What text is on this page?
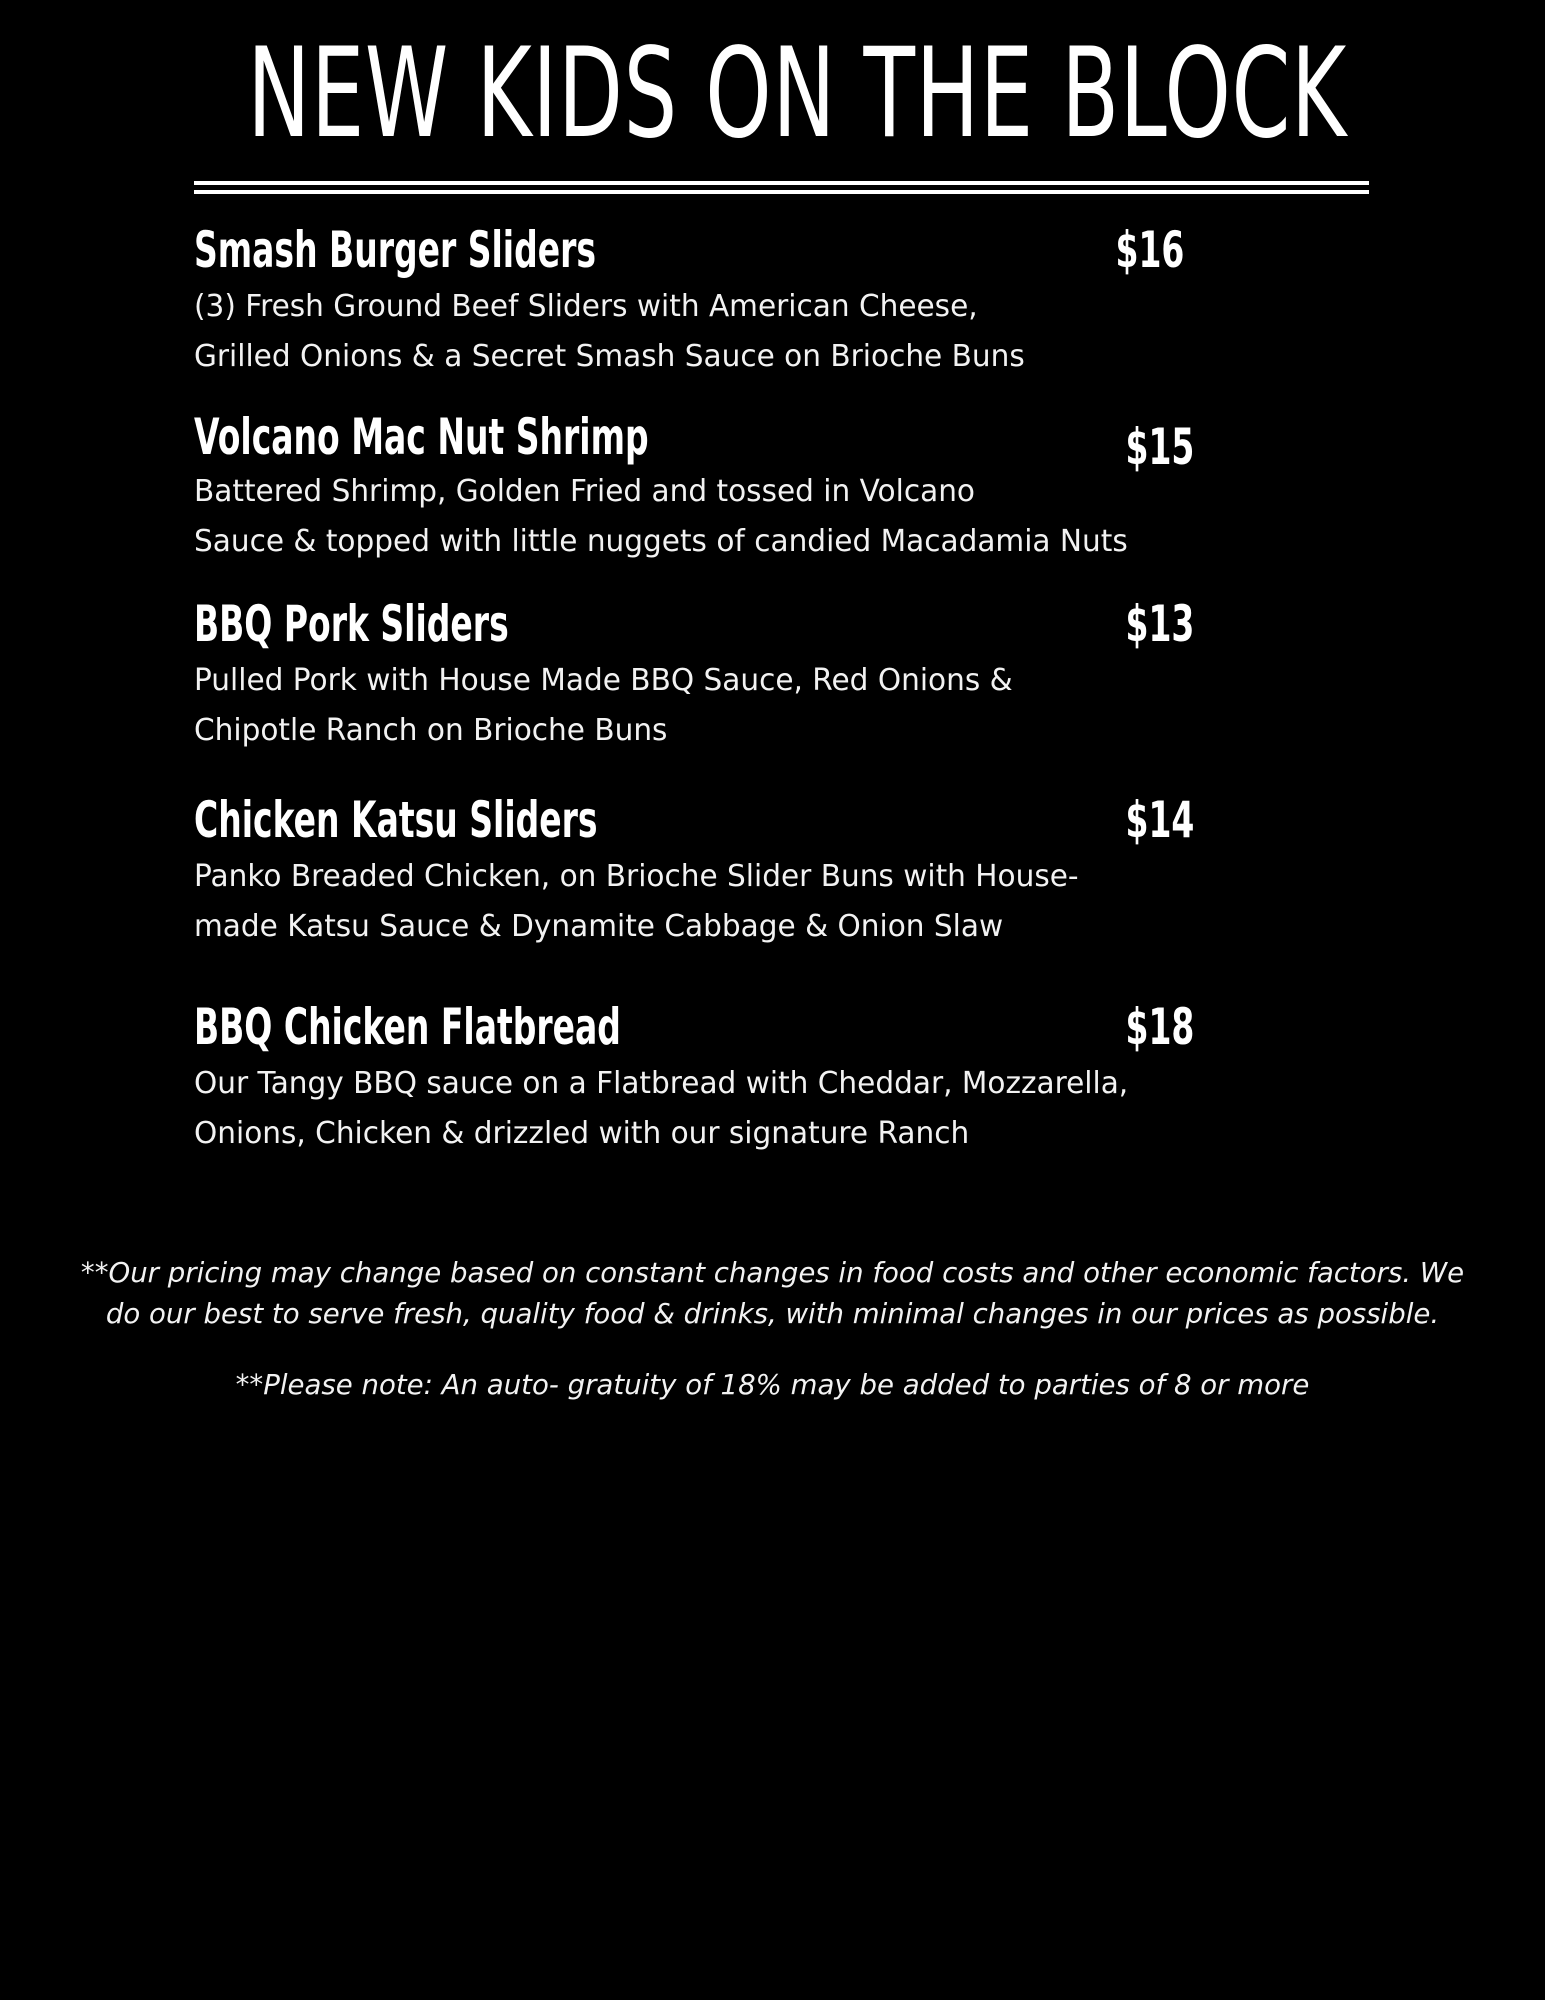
NEW KIDS ON THE BLOCK
Smash Burger Sliders	$16
(3) Fresh Ground Beef Sliders with American Cheese,
Grilled Onions & a Secret Smash Sauce on Brioche Buns
Volcano Mac Nut Shrimp	$15
Battered Shrimp, Golden Fried and tossed in Volcano
Sauce & topped with little nuggets of candied Macadamia Nuts
BBQ Pork Sliders	$13
Pulled Pork with House Made BBQ Sauce, Red Onions &
Chipotle Ranch on Brioche Buns
Chicken Katsu Sliders	$14
Panko Breaded Chicken, on Brioche Slider Buns with House-
made Katsu Sauce & Dynamite Cabbage & Onion Slaw
BBQ Chicken Flatbread	$18
Our Tangy BBQ sauce on a Flatbread with Cheddar, Mozzarella,
Onions, Chicken & drizzled with our signature Ranch
**Our pricing may change based on constant changes in food costs and other economic factors. We
do our best to serve fresh, quality food & drinks, with minimal changes in our prices as possible.
**Please note: An auto- gratuity of 18% may be added to parties of 8 or more
